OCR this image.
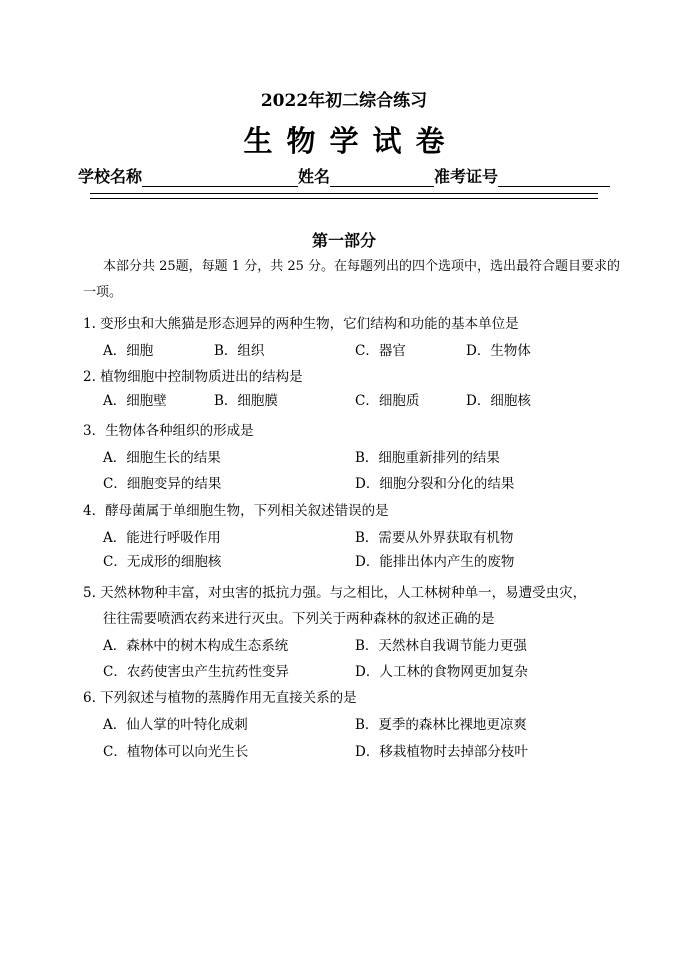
2022年初二综合练习
生物学试卷
学校名称	姓名	准考证号
第一部分
本部分共 25题，每题 1 分，共 25 分。在每题列出的四个选项中，选出最符合题目要求的一项。
1. 变形虫和大熊猫是形态迥异的两种生物，它们结构和功能的基本单位是
A．细胞	B．组织	C．器官	D．生物体
2. 植物细胞中控制物质进出的结构是
A．细胞壁	B．细胞膜	C．细胞质	D．细胞核
3．生物体各种组织的形成是
A．细胞生长的结果	B．细胞重新排列的结果
C．细胞变异的结果	D．细胞分裂和分化的结果
4．酵母菌属于单细胞生物，下列相关叙述错误的是
A．能进行呼吸作用	B．需要从外界获取有机物
C．无成形的细胞核	D．能排出体内产生的废物
5. 天然林物种丰富，对虫害的抵抗力强。与之相比，人工林树种单一，易遭受虫灾，
往往需要喷洒农药来进行灭虫。下列关于两种森林的叙述正确的是
A．森林中的树木构成生态系统	B．天然林自我调节能力更强
C．农药使害虫产生抗药性变异	D．人工林的食物网更加复杂
6. 下列叙述与植物的蒸腾作用无直接关系的是
A．仙人掌的叶特化成刺	B．夏季的森林比裸地更凉爽
C．植物体可以向光生长	D．移栽植物时去掉部分枝叶
